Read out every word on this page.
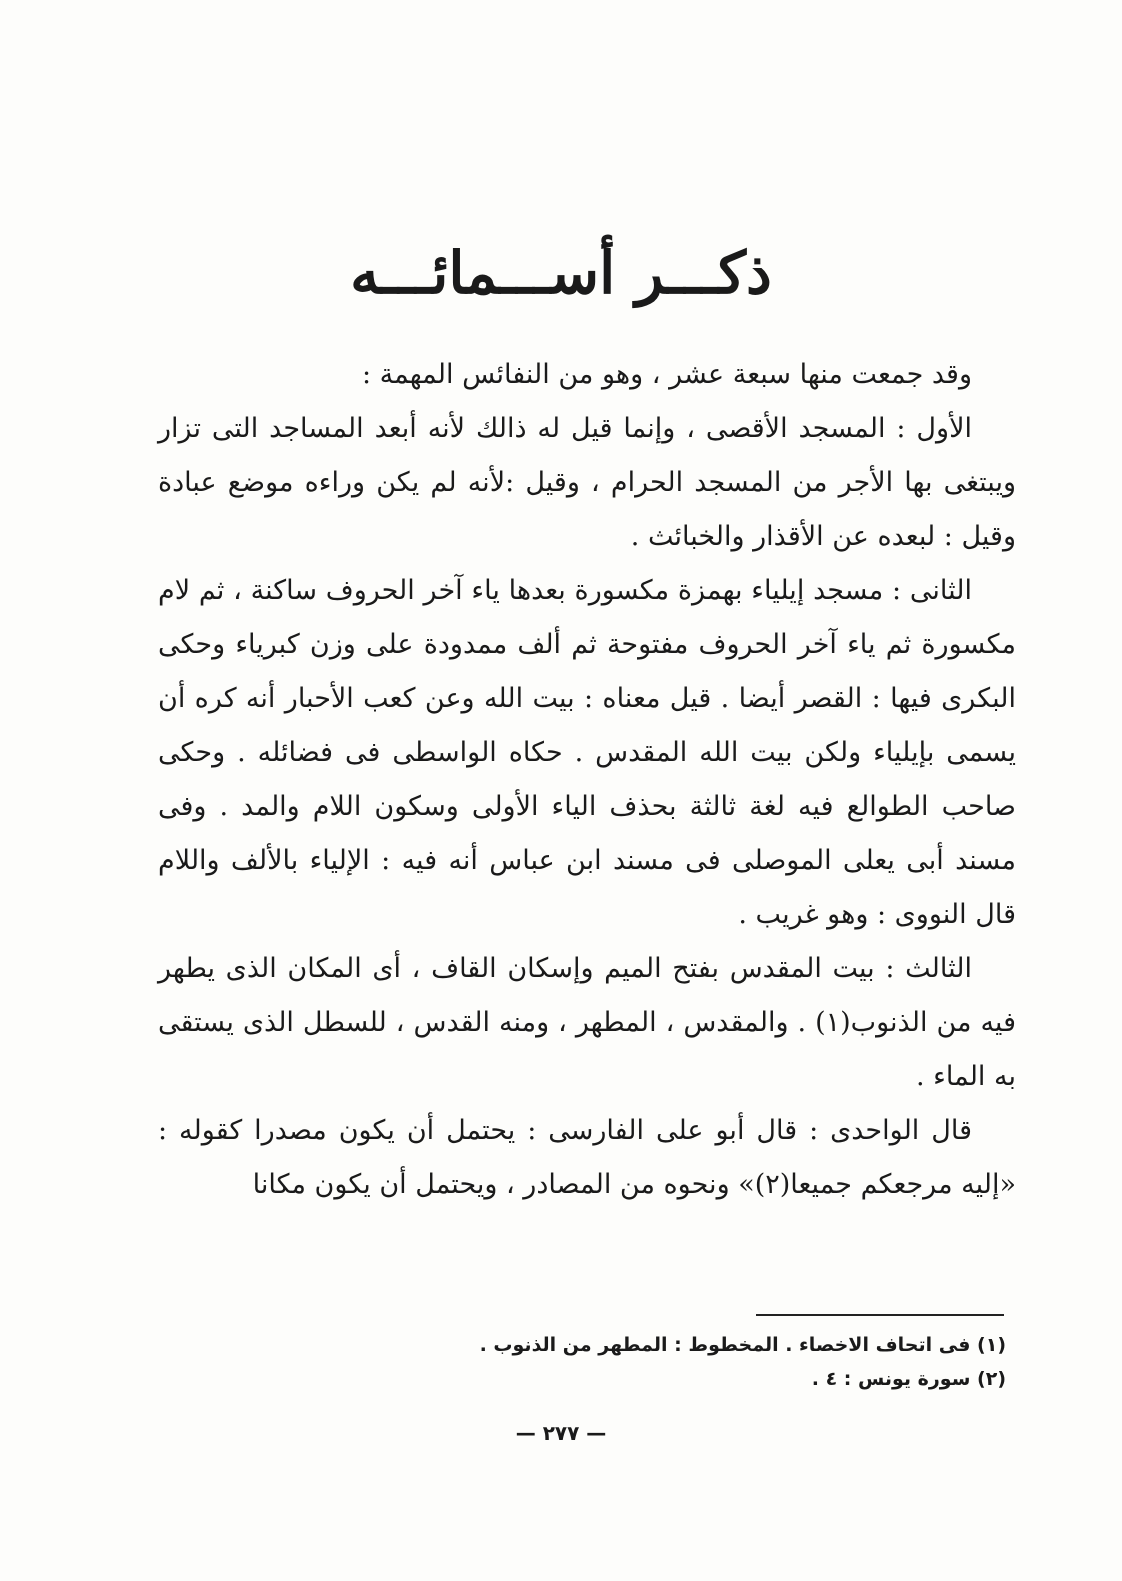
ذكـــر أســـمائـــه

وقد جمعت منها سبعة عشر ، وهو من النفائس المهمة :

الأول : المسجد الأقصى ، وإنما قيل له ذالك لأنه أبعد المساجد التى تزار ويبتغى بها الأجر من المسجد الحرام ، وقيل :لأنه لم يكن وراءه موضع عبادة وقيل : لبعده عن الأقذار والخبائث .

الثانى : مسجد إيلياء بهمزة مكسورة بعدها ياء آخر الحروف ساكنة ، ثم لام مكسورة ثم ياء آخر الحروف مفتوحة ثم ألف ممدودة على وزن كبرياء وحكى البكرى فيها : القصر أيضا . قيل معناه : بيت الله وعن كعب الأحبار أنه كره أن يسمى بإيلياء ولكن بيت الله المقدس . حكاه الواسطى فى فضائله . وحكى صاحب الطوالع فيه لغة ثالثة بحذف الياء الأولى وسكون اللام والمد . وفى مسند أبى يعلى الموصلى فى مسند ابن عباس أنه فيه : الإلياء بالألف واللام قال النووى : وهو غريب .

الثالث : بيت المقدس بفتح الميم وإسكان القاف ، أى المكان الذى يطهر فيه من الذنوب(١) . والمقدس ، المطهر ، ومنه القدس ، للسطل الذى يستقى به الماء .

قال الواحدى : قال أبو على الفارسى : يحتمل أن يكون مصدرا كقوله : «إليه مرجعكم جميعا(٢)» ونحوه من المصادر ، ويحتمل أن يكون مكانا

(١) فى اتحاف الاخصاء . المخطوط : المطهر من الذنوب .
(٢) سورة يونس : ٤ .
— ٢٧٧ —
